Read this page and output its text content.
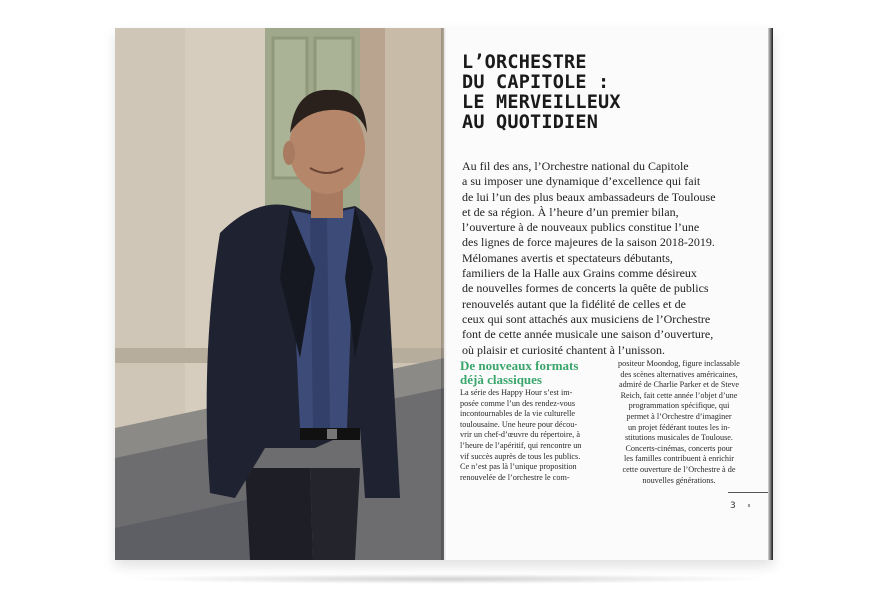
L’ORCHESTRE
DU CAPITOLE :
LE MERVEILLEUX
AU QUOTIDIEN

Au fil des ans, l’Orchestre national du Capitole
a su imposer une dynamique d’excellence qui fait
de lui l’un des plus beaux ambassadeurs de Toulouse
et de sa région. À l’heure d’un premier bilan,
l’ouverture à de nouveaux publics constitue l’une
des lignes de force majeures de la saison 2018-2019.
Mélomanes avertis et spectateurs débutants,
familiers de la Halle aux Grains comme désireux
de nouvelles formes de concerts la quête de publics
renouvelés autant que la fidélité de celles et de
ceux qui sont attachés aux musiciens de l’Orchestre
font de cette année musicale une saison d’ouverture,
où plaisir et curiosité chantent à l’unisson.

De nouveaux formats
déjà classiques

La série des Happy Hour s’est im-
posée comme l’un des rendez-vous
incontournables de la vie culturelle
toulousaine. Une heure pour décou-
vrir un chef-d’œuvre du répertoire, à
l’heure de l’apéritif, qui rencontre un
vif succès auprès de tous les publics.
Ce n’est pas là l’unique proposition
renouvelée de l’orchestre le com-

positeur Moondog, figure inclassable
des scènes alternatives américaines,
admiré de Charlie Parker et de Steve
Reich, fait cette année l’objet d’une
programmation spécifique, qui
permet à l’Orchestre d’imaginer
un projet fédérant toutes les in-
stitutions musicales de Toulouse.
Concerts-cinémas, concerts pour
les familles contribuent à enrichir
cette ouverture de l’Orchestre à de
nouvelles générations.

3
